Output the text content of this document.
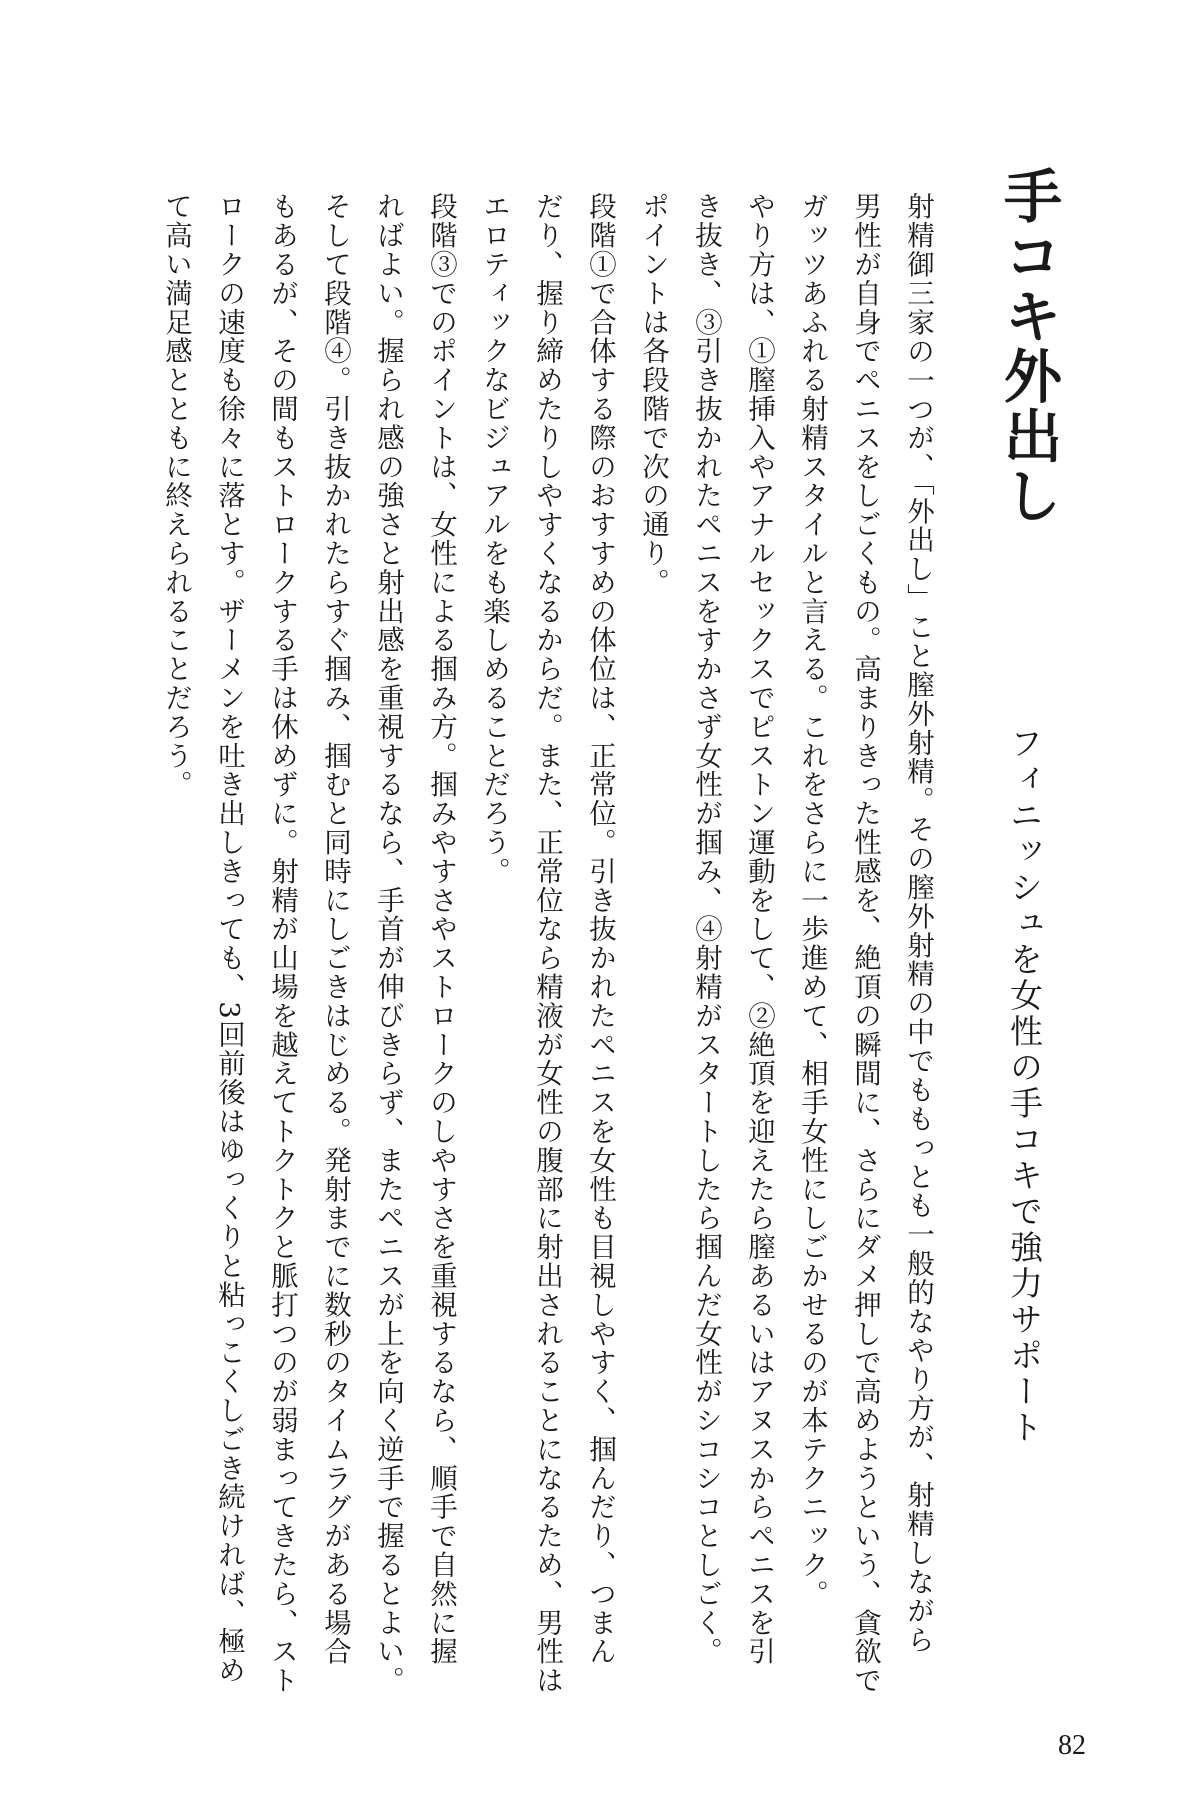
手コキ外出し
フィニッシュを女性の手コキで強力サポート
射精御三家の一つが、「外出し」こと膣外射精。その膣外射精の中でももっとも一般的なやり方が、射精しながら
男性が自身でペニスをしごくもの。高まりきった性感を、絶頂の瞬間に、さらにダメ押しで高めようという、貪欲で
ガッツあふれる射精スタイルと言える。これをさらに一歩進めて、相手女性にしごかせるのが本テクニック。
やり方は、①膣挿入やアナルセックスでピストン運動をして、②絶頂を迎えたら膣あるいはアヌスからペニスを引
き抜き、③引き抜かれたペニスをすかさず女性が掴み、④射精がスタートしたら掴んだ女性がシコシコとしごく。
ポイントは各段階で次の通り。
段階①で合体する際のおすすめの体位は、正常位。引き抜かれたペニスを女性も目視しやすく、掴んだり、つまん
だり、握り締めたりしやすくなるからだ。また、正常位なら精液が女性の腹部に射出されることになるため、男性は
エロティックなビジュアルをも楽しめることだろう。
段階③でのポイントは、女性による掴み方。掴みやすさやストロークのしやすさを重視するなら、順手で自然に握
ればよい。握られ感の強さと射出感を重視するなら、手首が伸びきらず、またペニスが上を向く逆手で握るとよい。
そして段階④。引き抜かれたらすぐ掴み、掴むと同時にしごきはじめる。発射までに数秒のタイムラグがある場合
もあるが、その間もストロークする手は休めずに。射精が山場を越えてトクトクと脈打つのが弱まってきたら、スト
ロークの速度も徐々に落とす。ザーメンを吐き出しきっても、3回前後はゆっくりと粘っこくしごき続ければ、極め
て高い満足感とともに終えられることだろう。
82
